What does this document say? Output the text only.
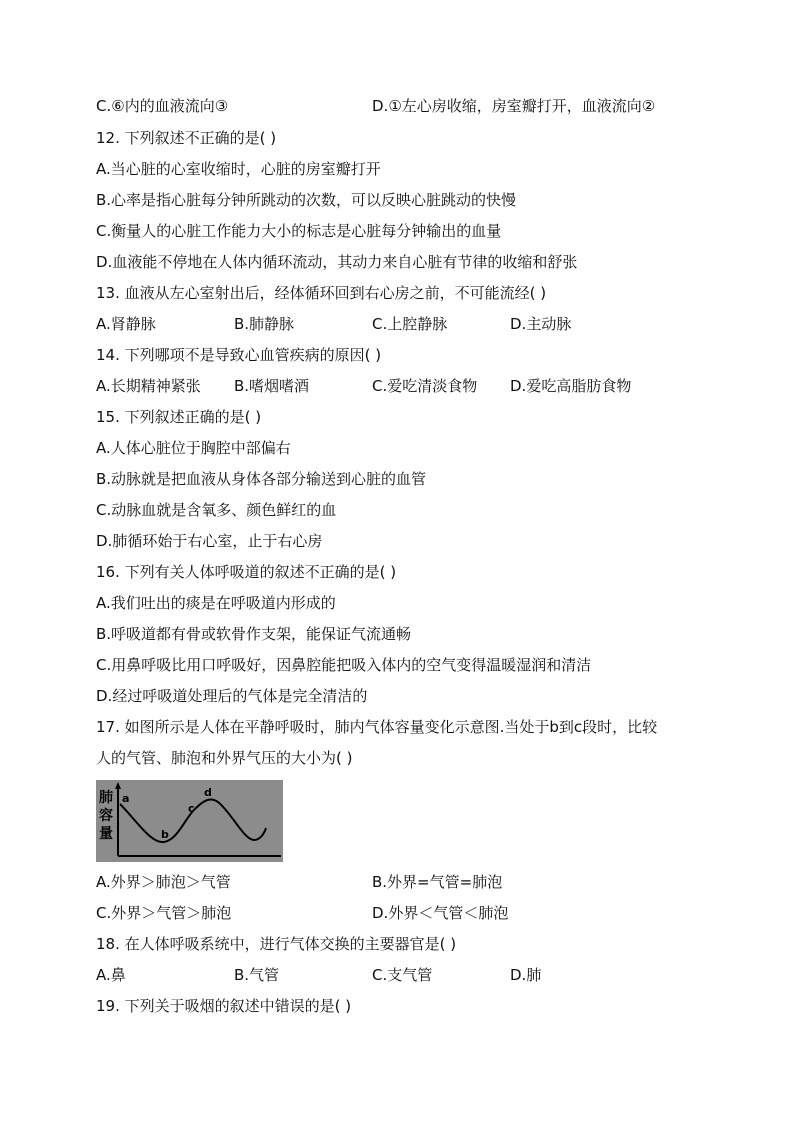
C.⑥内的血液流向③	D.①左心房收缩，房室瓣打开，血液流向②
12. 下列叙述不正确的是( )
A.当心脏的心室收缩时，心脏的房室瓣打开
B.心率是指心脏每分钟所跳动的次数，可以反映心脏跳动的快慢
C.衡量人的心脏工作能力大小的标志是心脏每分钟输出的血量
D.血液能不停地在人体内循环流动，其动力来自心脏有节律的收缩和舒张
13. 血液从左心室射出后，经体循环回到右心房之前，不可能流经( )
A.肾静脉	B.肺静脉	C.上腔静脉	D.主动脉
14. 下列哪项不是导致心血管疾病的原因( )
A.长期精神紧张 B.嗜烟嗜酒	C.爱吃清淡食物 D.爱吃高脂肪食物
15. 下列叙述正确的是( )
A.人体心脏位于胸腔中部偏右
B.动脉就是把血液从身体各部分输送到心脏的血管
C.动脉血就是含氧多、颜色鲜红的血
D.肺循环始于右心室，止于右心房
16. 下列有关人体呼吸道的叙述不正确的是( )
A.我们吐出的痰是在呼吸道内形成的
B.呼吸道都有骨或软骨作支架，能保证气流通畅
C.用鼻呼吸比用口呼吸好，因鼻腔能把吸入体内的空气变得温暖湿润和清洁
D.经过呼吸道处理后的气体是完全清洁的
17. 如图所示是人体在平静呼吸时，肺内气体容量变化示意图.当处于b到c段时，比较
人的气管、肺泡和外界气压的大小为( )
肺
容
量
a
b
c
d
A.外界＞肺泡＞气管	B.外界=气管=肺泡
C.外界＞气管＞肺泡	D.外界＜气管＜肺泡
18. 在人体呼吸系统中，进行气体交换的主要器官是( )
A.鼻	B.气管	C.支气管	D.肺
19. 下列关于吸烟的叙述中错误的是( )
